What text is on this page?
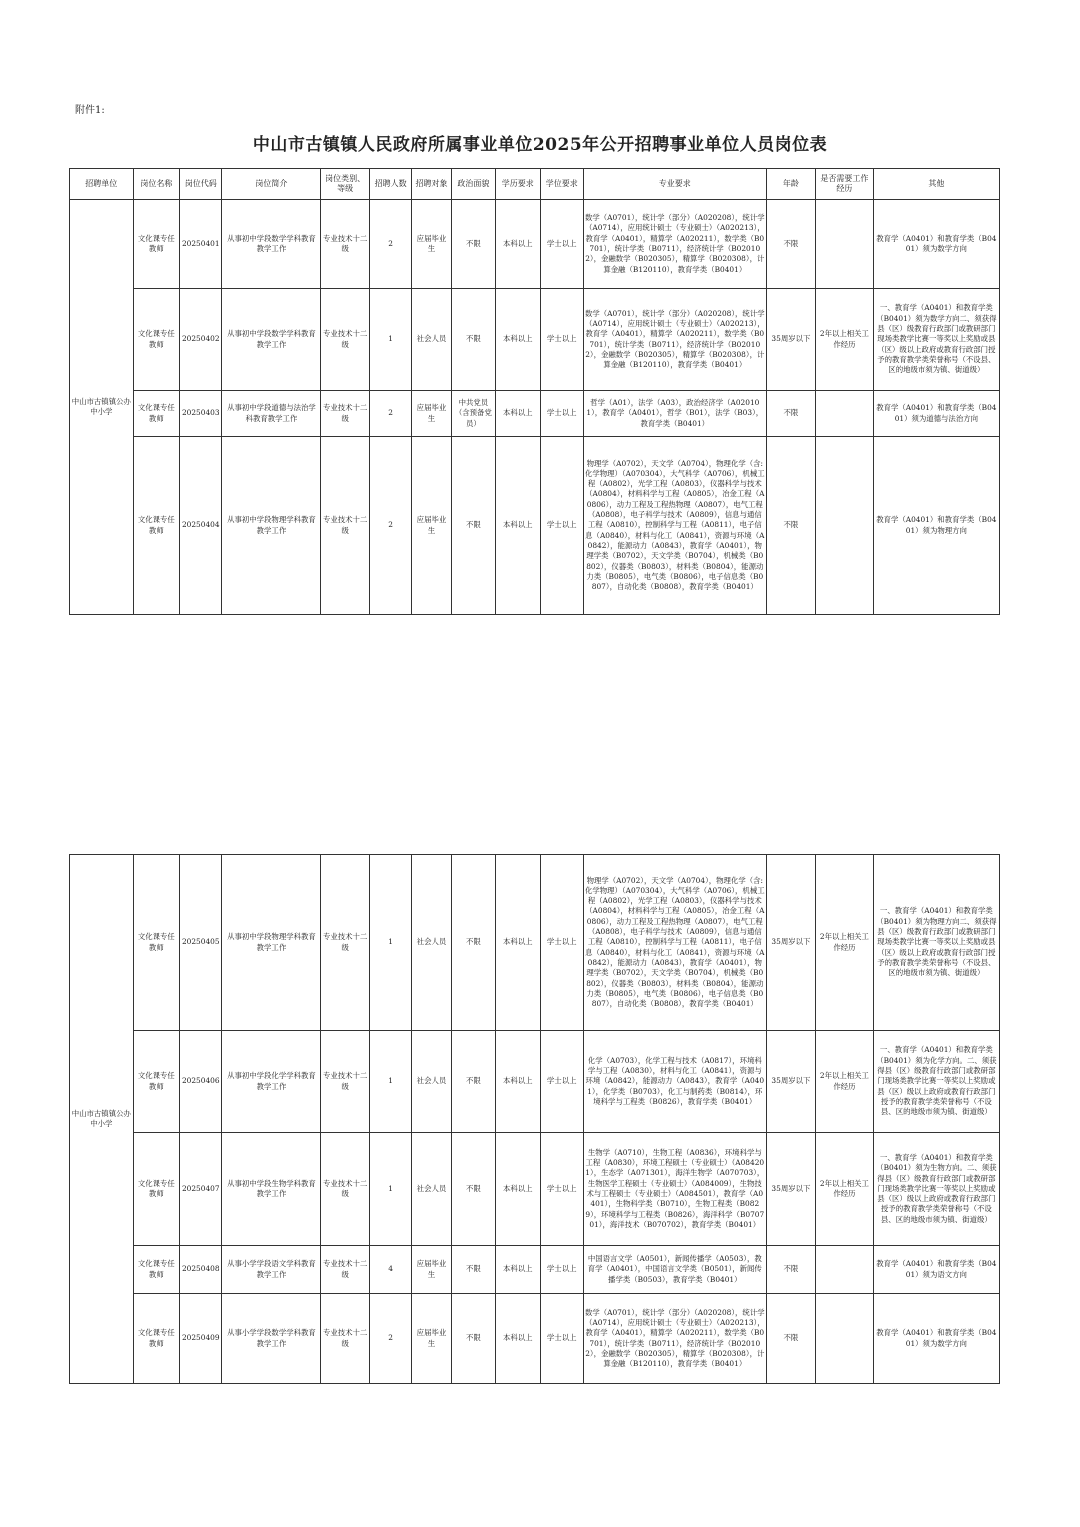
附件1:
中山市古镇镇人民政府所属事业单位2025年公开招聘事业单位人员岗位表
招聘单位	岗位名称	岗位代码	岗位简介	岗位类别、等级	招聘人数	招聘对象	政治面貌	学历要求	学位要求	专业要求	年龄	是否需要工作经历	其他
中山市古镇镇公办中小学	文化课专任教师	20250401	从事初中学段数学学科教育教学工作	专业技术十二级	2	应届毕业生	不限	本科以上	学士以上	数学（A0701），统计学（部分）（A020208），统计学（A0714），应用统计硕士（专业硕士）（A020213），教育学（A0401），精算学（A020211），数学类（B0701），统计学类（B0711），经济统计学（B020102），金融数学（B020305），精算学（B020308），计算金融（B120110），教育学类（B0401）	不限		教育学（A0401）和教育学类（B0401）须为数学方向
	文化课专任教师	20250402	从事初中学段数学学科教育教学工作	专业技术十二级	1	社会人员	不限	本科以上	学士以上	数学（A0701），统计学（部分）（A020208），统计学（A0714），应用统计硕士（专业硕士）（A020213），教育学（A0401），精算学（A020211），数学类（B0701），统计学类（B0711），经济统计学（B020102），金融数学（B020305），精算学（B020308），计算金融（B120110），教育学类（B0401）	35周岁以下	2年以上相关工作经历	一、教育学（A0401）和教育学类（B0401）须为数学方向二、须获得县（区）级教育行政部门或教研部门现场类教学比赛一等奖以上奖励或县（区）级以上政府或教育行政部门授予的教育教学类荣誉称号（不设县、区的地级市须为镇、街道级）
	文化课专任教师	20250403	从事初中学段道德与法治学科教育教学工作	专业技术十二级	2	应届毕业生	中共党员（含预备党员）	本科以上	学士以上	哲学（A01），法学（A03），政治经济学（A020101），教育学（A0401），哲学（B01），法学（B03），教育学类（B0401）	不限		教育学（A0401）和教育学类（B0401）须为道德与法治方向
	文化课专任教师	20250404	从事初中学段物理学科教育教学工作	专业技术十二级	2	应届毕业生	不限	本科以上	学士以上	物理学（A0702），天文学（A0704），物理化学（含:化学物理）（A070304），大气科学（A0706），机械工程（A0802），光学工程（A0803），仪器科学与技术（A0804），材料科学与工程（A0805），冶金工程（A0806），动力工程及工程热物理（A0807），电气工程（A0808），电子科学与技术（A0809），信息与通信工程（A0810），控制科学与工程（A0811），电子信息（A0840），材料与化工（A0841），资源与环境（A0842），能源动力（A0843），教育学（A0401），物理学类（B0702），天文学类（B0704），机械类（B0802），仪器类（B0803），材料类（B0804），能源动力类（B0805），电气类（B0806），电子信息类（B0807），自动化类（B0808），教育学类（B0401）	不限		教育学（A0401）和教育学类（B0401）须为物理方向
中山市古镇镇公办中小学	文化课专任教师	20250405	从事初中学段物理学科教育教学工作	专业技术十二级	1	社会人员	不限	本科以上	学士以上	物理学（A0702），天文学（A0704），物理化学（含:化学物理）（A070304），大气科学（A0706），机械工程（A0802），光学工程（A0803），仪器科学与技术（A0804），材料科学与工程（A0805），冶金工程（A0806），动力工程及工程热物理（A0807），电气工程（A0808），电子科学与技术（A0809），信息与通信工程（A0810），控制科学与工程（A0811），电子信息（A0840），材料与化工（A0841），资源与环境（A0842），能源动力（A0843），教育学（A0401），物理学类（B0702），天文学类（B0704），机械类（B0802），仪器类（B0803），材料类（B0804），能源动力类（B0805），电气类（B0806），电子信息类（B0807），自动化类（B0808），教育学类（B0401）	35周岁以下	2年以上相关工作经历	一、教育学（A0401）和教育学类（B0401）须为物理方向二、须获得县（区）级教育行政部门或教研部门现场类教学比赛一等奖以上奖励或县（区）级以上政府或教育行政部门授予的教育教学类荣誉称号（不设县、区的地级市须为镇、街道级）
	文化课专任教师	20250406	从事初中学段化学学科教育教学工作	专业技术十二级	1	社会人员	不限	本科以上	学士以上	化学（A0703），化学工程与技术（A0817），环境科学与工程（A0830），材料与化工（A0841），资源与环境（A0842），能源动力（A0843），教育学（A0401），化学类（B0703），化工与制药类（B0814），环境科学与工程类（B0826），教育学类（B0401）	35周岁以下	2年以上相关工作经历	一、教育学（A0401）和教育学类（B0401）须为化学方向。二、须获得县（区）级教育行政部门或教研部门现场类教学比赛一等奖以上奖励或县（区）级以上政府或教育行政部门授予的教育教学类荣誉称号（不设县、区的地级市须为镇、街道级）
	文化课专任教师	20250407	从事初中学段生物学科教育教学工作	专业技术十二级	1	社会人员	不限	本科以上	学士以上	生物学（A0710），生物工程（A0836），环境科学与工程（A0830），环境工程硕士（专业硕士）（A084201），生态学（A071301），海洋生物学（A070703），生物医学工程硕士（专业硕士）（A084009），生物技术与工程硕士（专业硕士）（A084501），教育学（A0401），生物科学类（B0710），生物工程类（B0829），环境科学与工程类（B0826），海洋科学（B070701），海洋技术（B070702），教育学类（B0401）	35周岁以下	2年以上相关工作经历	一、教育学（A0401）和教育学类（B0401）须为生物方向。二、须获得县（区）级教育行政部门或教研部门现场类教学比赛一等奖以上奖励或县（区）级以上政府或教育行政部门授予的教育教学类荣誉称号（不设县、区的地级市须为镇、街道级）
	文化课专任教师	20250408	从事小学学段语文学科教育教学工作	专业技术十二级	4	应届毕业生	不限	本科以上	学士以上	中国语言文学（A0501），新闻传播学（A0503），教育学（A0401），中国语言文学类（B0501），新闻传播学类（B0503），教育学类（B0401）	不限		教育学（A0401）和教育学类（B0401）须为语文方向
	文化课专任教师	20250409	从事小学学段数学学科教育教学工作	专业技术十二级	2	应届毕业生	不限	本科以上	学士以上	数学（A0701），统计学（部分）（A020208），统计学（A0714），应用统计硕士（专业硕士）（A020213），教育学（A0401），精算学（A020211），数学类（B0701），统计学类（B0711），经济统计学（B020102），金融数学（B020305），精算学（B020308），计算金融（B120110），教育学类（B0401）	不限		教育学（A0401）和教育学类（B0401）须为数学方向
